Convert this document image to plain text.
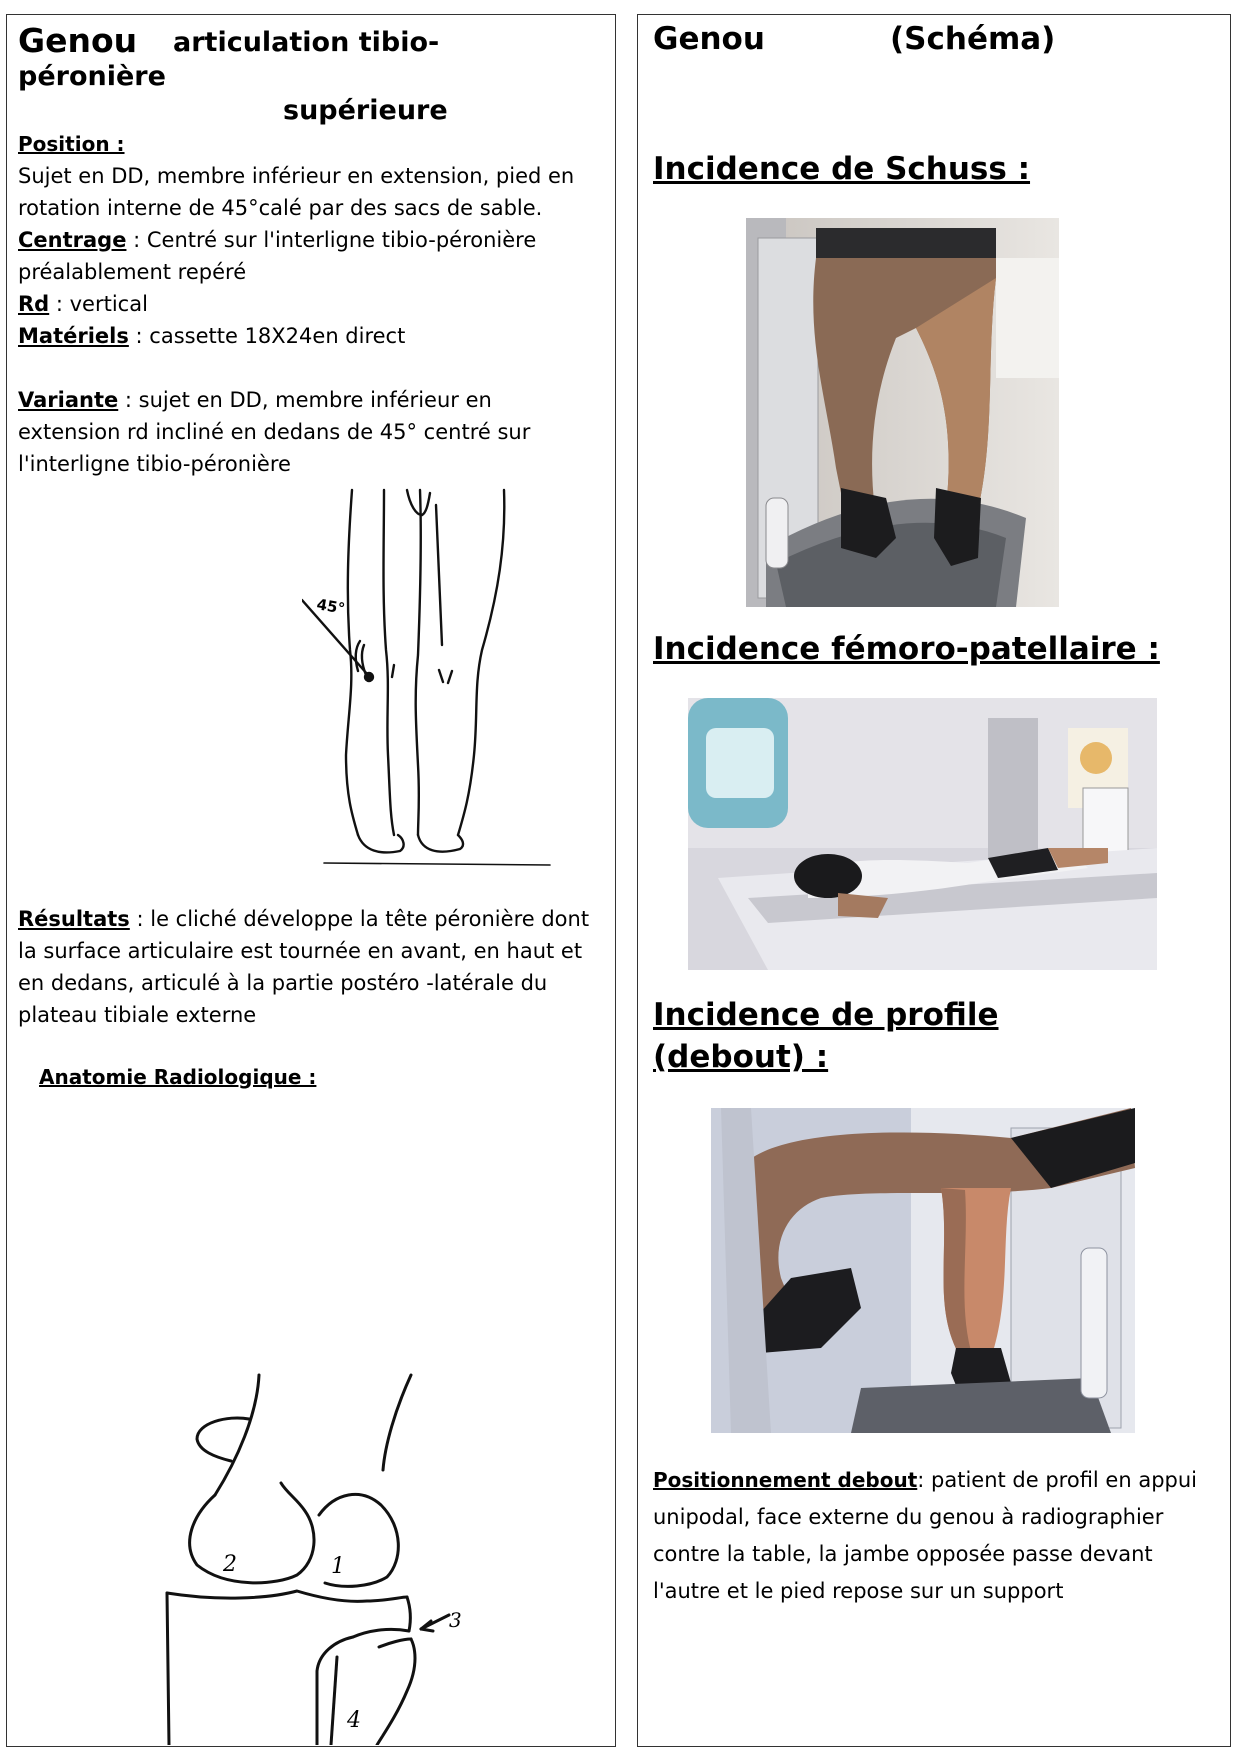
Genou articulation tibio-
péronière
supérieure
Position :
Sujet en DD, membre inférieur en extension, pied en
rotation interne de 45°calé par des sacs de sable.
Centrage : Centré sur l'interligne tibio-péronière
préalablement repéré
Rd : vertical
Matériels : cassette 18X24en direct
Variante : sujet en DD, membre inférieur en
extension rd incliné en dedans de 45° centré sur
l'interligne tibio-péronière
45°
Résultats : le cliché développe la tête péronière dont
la surface articulaire est tournée en avant, en haut et
en dedans, articulé à la partie postéro -latérale du
plateau tibiale externe
Anatomie Radiologique :
2	1
3
4
Genou	(Schéma)
Incidence de Schuss :
Incidence fémoro-patellaire :
Incidence de profile
(debout) :
Positionnement debout: patient de profil en appui
unipodal, face externe du genou à radiographier
contre la table, la jambe opposée passe devant
l'autre et le pied repose sur un support
